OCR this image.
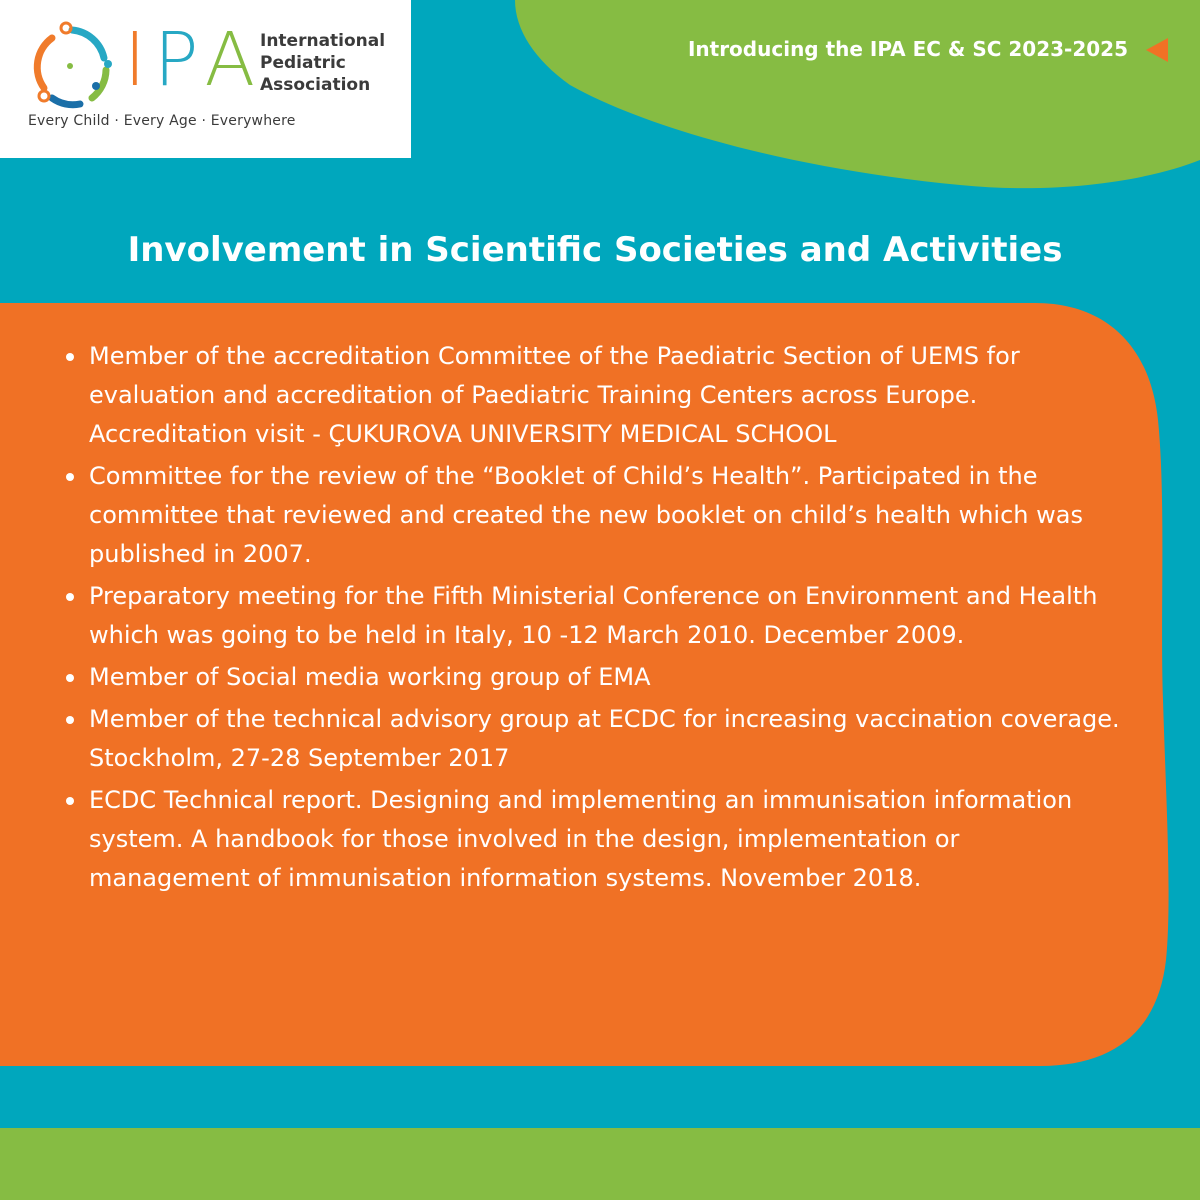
IPA International
Pediatric
Association
Every Child · Every Age · Everywhere
Introducing the IPA EC & SC 2023-2025
Involvement in Scientific Societies and Activities
Member of the accreditation Committee of the Paediatric Section of UEMS for evaluation and accreditation of Paediatric Training Centers across Europe. Accreditation visit - ÇUKUROVA UNIVERSITY MEDICAL SCHOOL
Committee for the review of the “Booklet of Child’s Health”. Participated in the committee that reviewed and created the new booklet on child’s health which was published in 2007.
Preparatory meeting for the Fifth Ministerial Conference on Environment and Health which was going to be held in Italy, 10 -12 March 2010. December 2009.
Member of Social media working group of EMA
Member of the technical advisory group at ECDC for increasing vaccination coverage. Stockholm, 27-28 September 2017
ECDC Technical report. Designing and implementing an immunisation information system. A handbook for those involved in the design, implementation or management of immunisation information systems. November 2018.
